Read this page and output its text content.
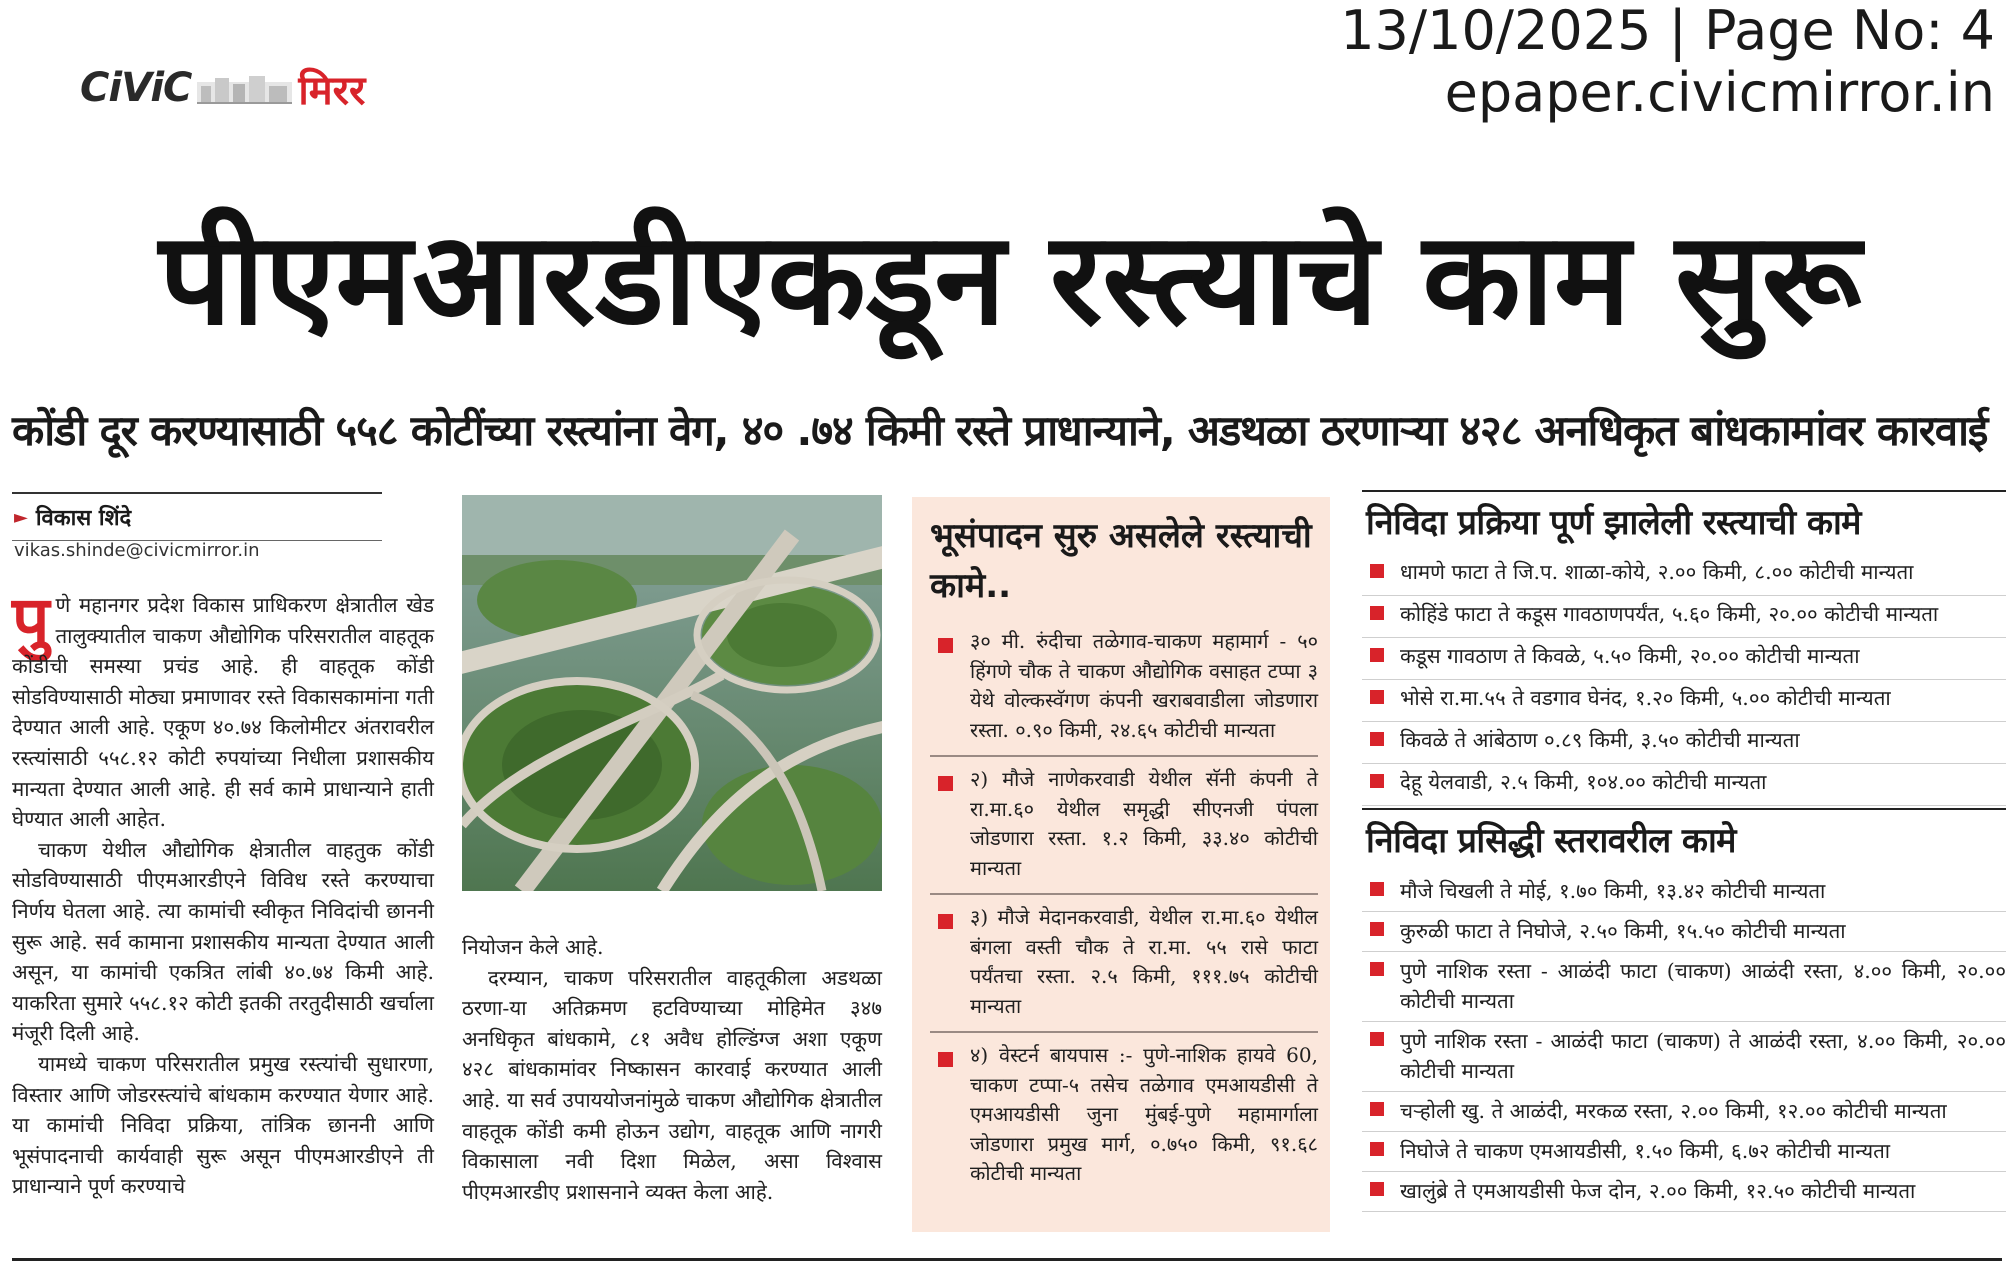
CiViC	मिरर
13/10/2025 | Page No: 4
epaper.civicmirror.in
पीएमआरडीएकडून रस्त्याचे काम सुरू
कोंडी दूर करण्यासाठी ५५८ कोटींच्या रस्त्यांना वेग, ४० .७४ किमी रस्ते प्राधान्याने, अडथळा ठरणाऱ्या ४२८ अनधिकृत बांधकामांवर कारवाई
► विकास शिंदे
vikas.shinde@civicmirror.in

पुणे महानगर प्रदेश विकास प्राधिकरण क्षेत्रातील खेड तालुक्यातील चाकण औद्योगिक परिसरातील वाहतूक कोंडीची समस्या प्रचंड आहे. ही वाहतूक कोंडी सोडविण्यासाठी मोठ्या प्रमाणावर रस्ते विकासकामांना गती देण्यात आली आहे. एकूण ४०.७४ किलोमीटर अंतरावरील रस्त्यांसाठी ५५८.१२ कोटी रुपयांच्या निधीला प्रशासकीय मान्यता देण्यात आली आहे. ही सर्व कामे प्राधान्याने हाती घेण्यात आली आहेत.

चाकण येथील औद्योगिक क्षेत्रातील वाहतुक कोंडी सोडविण्यासाठी पीएमआरडीएने विविध रस्ते करण्याचा निर्णय घेतला आहे. त्या कामांची स्वीकृत निविदांची छाननी सुरू आहे. सर्व कामाना प्रशासकीय मान्यता देण्यात आली असून, या कामांची एकत्रित लांबी ४०.७४ किमी आहे. याकरिता सुमारे ५५८.१२ कोटी इतकी तरतुदीसाठी खर्चाला मंजूरी दिली आहे.

यामध्ये चाकण परिसरातील प्रमुख रस्त्यांची सुधारणा, विस्तार आणि जोडरस्त्यांचे बांधकाम करण्यात येणार आहे. या कामांची निविदा प्रक्रिया, तांत्रिक छाननी आणि भूसंपादनाची कार्यवाही सुरू असून पीएमआरडीएने ती प्राधान्याने पूर्ण करण्याचे

नियोजन केले आहे.

दरम्यान, चाकण परिसरातील वाहतूकीला अडथळा ठरणा-या अतिक्रमण हटविण्याच्या मोहिमेत ३४७ अनधिकृत बांधकामे, ८१ अवैध होल्डिंग्ज अशा एकूण ४२८ बांधकामांवर निष्कासन कारवाई करण्यात आली आहे. या सर्व उपाययोजनांमुळे चाकण औद्योगिक क्षेत्रातील वाहतूक कोंडी कमी होऊन उद्योग, वाहतूक आणि नागरी विकासाला नवी दिशा मिळेल, असा विश्वास पीएमआरडीए प्रशासनाने व्यक्त केला आहे.

भूसंपादन सुरु असलेले रस्त्याची कामे..

३० मी. रुंदीचा तळेगाव-चाकण महामार्ग - ५० हिंगणे चौक ते चाकण औद्योगिक वसाहत टप्पा ३ येथे वोल्कस्वॅगण कंपनी खराबवाडीला जोडणारा रस्ता. ०.९० किमी, २४.६५ कोटीची मान्यता

२) मौजे नाणेकरवाडी येथील सॅनी कंपनी ते रा.मा.६० येथील समृद्धी सीएनजी पंपला जोडणारा रस्ता. १.२ किमी, ३३.४० कोटीची मान्यता

३) मौजे मेदानकरवाडी, येथील रा.मा.६० येथील बंगला वस्ती चौक ते रा.मा. ५५ रासे फाटा पर्यंतचा रस्ता. २.५ किमी, १११.७५ कोटीची मान्यता

४) वेस्टर्न बायपास :- पुणे-नाशिक हायवे 60, चाकण टप्पा-५ तसेच तळेगाव एमआयडीसी ते एमआयडीसी जुना मुंबई-पुणे महामार्गाला जोडणारा प्रमुख मार्ग, ०.७५० किमी, ९१.६८ कोटीची मान्यता

निविदा प्रक्रिया पूर्ण झालेली रस्त्याची कामे
धामणे फाटा ते जि.प. शाळा-कोये, २.०० किमी, ८.०० कोटीची मान्यता
कोहिंडे फाटा ते कडूस गावठाणपर्यंत, ५.६० किमी, २०.०० कोटीची मान्यता
कडूस गावठाण ते किवळे, ५.५० किमी, २०.०० कोटीची मान्यता
भोसे रा.मा.५५ ते वडगाव घेनंद, १.२० किमी, ५.०० कोटीची मान्यता
किवळे ते आंबेठाण ०.८९ किमी, ३.५० कोटीची मान्यता
देहू येलवाडी, २.५ किमी, १०४.०० कोटीची मान्यता
निविदा प्रसिद्धी स्तरावरील कामे
मौजे चिखली ते मोई, १.७० किमी, १३.४२ कोटीची मान्यता
कुरुळी फाटा ते निघोजे, २.५० किमी, १५.५० कोटीची मान्यता
पुणे नाशिक रस्ता - आळंदी फाटा (चाकण) आळंदी रस्ता, ४.०० किमी, २०.०० कोटीची मान्यता
पुणे नाशिक रस्ता - आळंदी फाटा (चाकण) ते आळंदी रस्ता, ४.०० किमी, २०.०० कोटीची मान्यता
चऱ्होली खु. ते आळंदी, मरकळ रस्ता, २.०० किमी, १२.०० कोटीची मान्यता
निघोजे ते चाकण एमआयडीसी, १.५० किमी, ६.७२ कोटीची मान्यता
खालुंब्रे ते एमआयडीसी फेज दोन, २.०० किमी, १२.५० कोटीची मान्यता
